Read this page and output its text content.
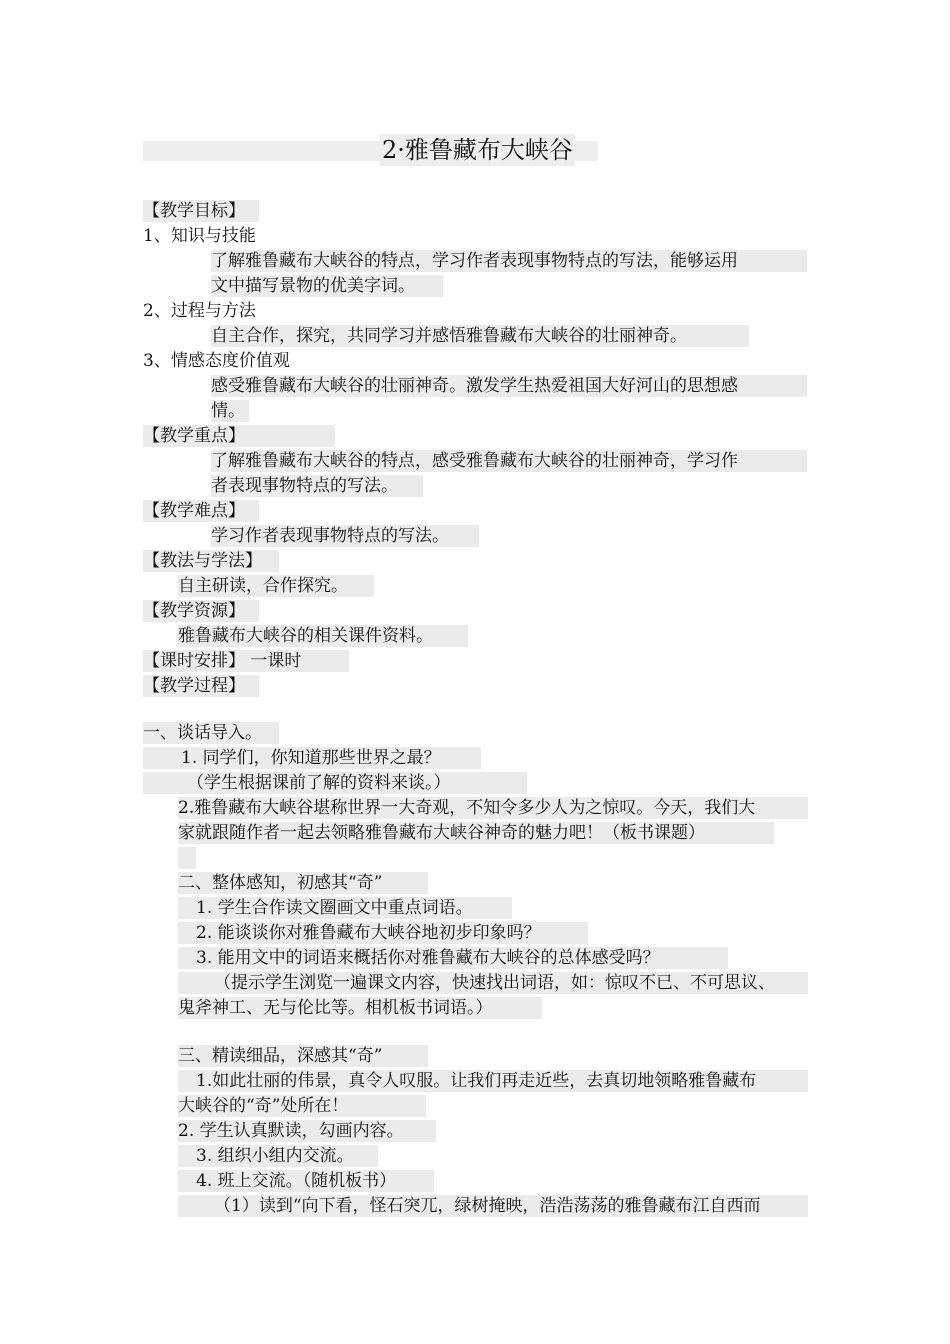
2·雅鲁藏布大峡谷
【教学目标】
1、知识与技能
了解雅鲁藏布大峡谷的特点，学习作者表现事物特点的写法，能够运用
文中描写景物的优美字词。
2、过程与方法
自主合作，探究，共同学习并感悟雅鲁藏布大峡谷的壮丽神奇。
3、情感态度价值观
感受雅鲁藏布大峡谷的壮丽神奇。激发学生热爱祖国大好河山的思想感
情。
【教学重点】
了解雅鲁藏布大峡谷的特点，感受雅鲁藏布大峡谷的壮丽神奇，学习作
者表现事物特点的写法。
【教学难点】
学习作者表现事物特点的写法。
【教法与学法】
自主研读，合作探究。
【教学资源】
雅鲁藏布大峡谷的相关课件资料。
【课时安排】 一课时
【教学过程】
一、谈话导入。
1. 同学们，你知道那些世界之最？
（学生根据课前了解的资料来谈。）
2.雅鲁藏布大峡谷堪称世界一大奇观，不知令多少人为之惊叹。今天，我们大
家就跟随作者一起去领略雅鲁藏布大峡谷神奇的魅力吧！（板书课题）
二、整体感知，初感其“奇”
1. 学生合作读文圈画文中重点词语。
2. 能谈谈你对雅鲁藏布大峡谷地初步印象吗？
3. 能用文中的词语来概括你对雅鲁藏布大峡谷的总体感受吗？
（提示学生浏览一遍课文内容，快速找出词语，如：惊叹不已、不可思议、
鬼斧神工、无与伦比等。相机板书词语。）
三、精读细品，深感其“奇”
1.如此壮丽的伟景，真令人叹服。让我们再走近些，去真切地领略雅鲁藏布
大峡谷的“奇”处所在！
2. 学生认真默读，勾画内容。
3. 组织小组内交流。
4. 班上交流。（随机板书）
（1）读到“向下看，怪石突兀，绿树掩映，浩浩荡荡的雅鲁藏布江自西而
